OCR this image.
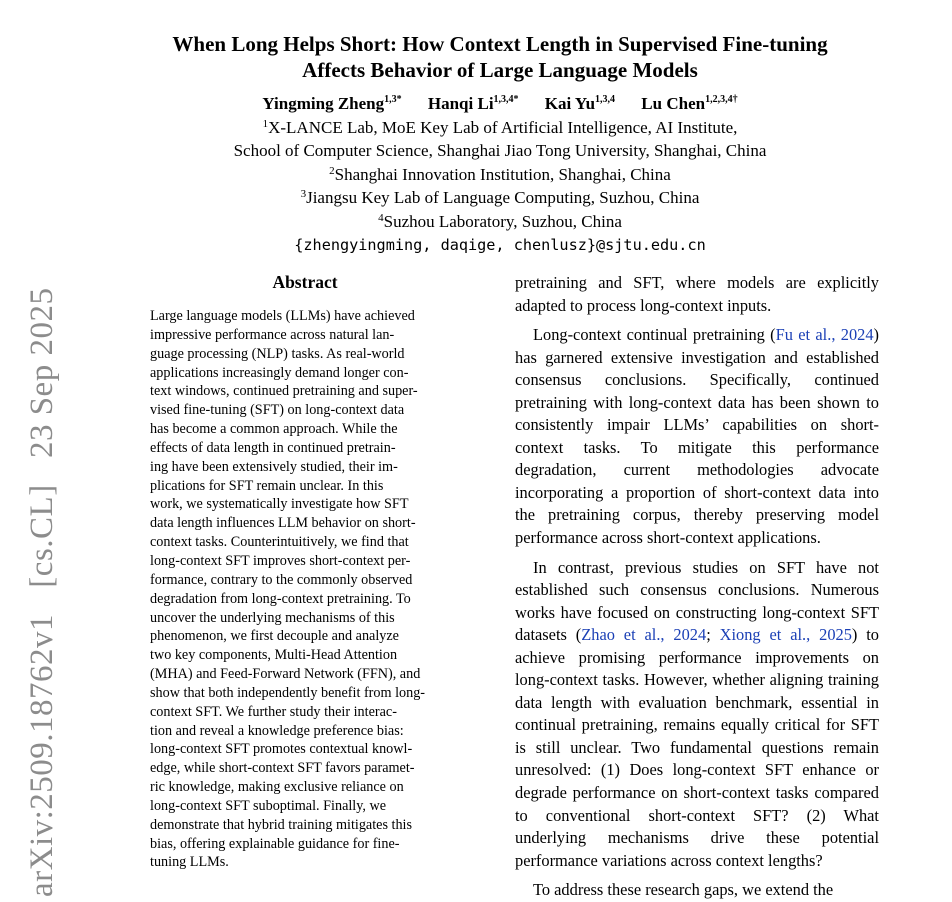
When Long Helps Short: How Context Length in Supervised Fine-tuning
Affects Behavior of Large Language Models
Yingming Zheng$^{1,3*}$ Hanqi $Li^{1,3,4*}$ Kai Yu$^{1,3,4}$ Lu Chen$^{1,2,3,4\dagger}$
$^1$X-LANCE Lab, MoE Key Lab of Artificial Intelligence, AI Institute,
School of Computer Science, Shanghai Jiao Tong University, Shanghai, China
$^2$Shanghai Innovation Institution, Shanghai, China
$^3$Jiangsu Key Lab of Language Computing, Suzhou, China
$^4$Suzhou Laboratory, Suzhou, China
{zhengyingming, daqige, chenlusz}@sjtu.edu.cn
Abstract
Large language models (LLMs) have achieved
impressive performance across natural lan-
guage processing (NLP) tasks. As real-world
applications increasingly demand longer con-
text windows, continued pretraining and super-
vised fine-tuning (SFT) on long-context data
has become a common approach. While the
effects of data length in continued pretrain-
ing have been extensively studied, their im-
plications for SFT remain unclear. In this
work, we systematically investigate how SFT
data length influences LLM behavior on short-
context tasks. Counterintuitively, we find that
long-context SFT improves short-context per-
formance, contrary to the commonly observed
degradation from long-context pretraining. To
uncover the underlying mechanisms of this
phenomenon, we first decouple and analyze
two key components, Multi-Head Attention
(MHA) and Feed-Forward Network (FFN), and
show that both independently benefit from long-
context SFT. We further study their interac-
tion and reveal a knowledge preference bias:
long-context SFT promotes contextual knowl-
edge, while short-context SFT favors paramet-
ric knowledge, making exclusive reliance on
long-context SFT suboptimal. Finally, we
demonstrate that hybrid training mitigates this
bias, offering explainable guidance for fine-
tuning LLMs.

pretraining and SFT, where models are explicitly adapted to process long-context inputs.

Long-context continual pretraining (Fu et al., 2024) has garnered extensive investigation and established consensus conclusions. Specifically, continued pretraining with long-context data has been shown to consistently impair LLMs’ capabilities on short-context tasks. To mitigate this performance degradation, current methodologies advocate incorporating a proportion of short-context data into the pretraining corpus, thereby preserving model performance across short-context applications.

In contrast, previous studies on SFT have not established such consensus conclusions. Numerous works have focused on constructing long-context SFT datasets (Zhao et al., 2024; Xiong et al., 2025) to achieve promising performance improvements on long-context tasks. However, whether aligning training data length with evaluation benchmark, essential in continual pretraining, remains equally critical for SFT is still unclear. Two fundamental questions remain unresolved: (1) Does long-context SFT enhance or degrade performance on short-context tasks compared to conventional short-context SFT? (2) What underlying mechanisms drive these potential performance variations across context lengths?

To address these research gaps, we extend the

arXiv:2509.18762v1   [cs.CL]   23 Sep 2025
